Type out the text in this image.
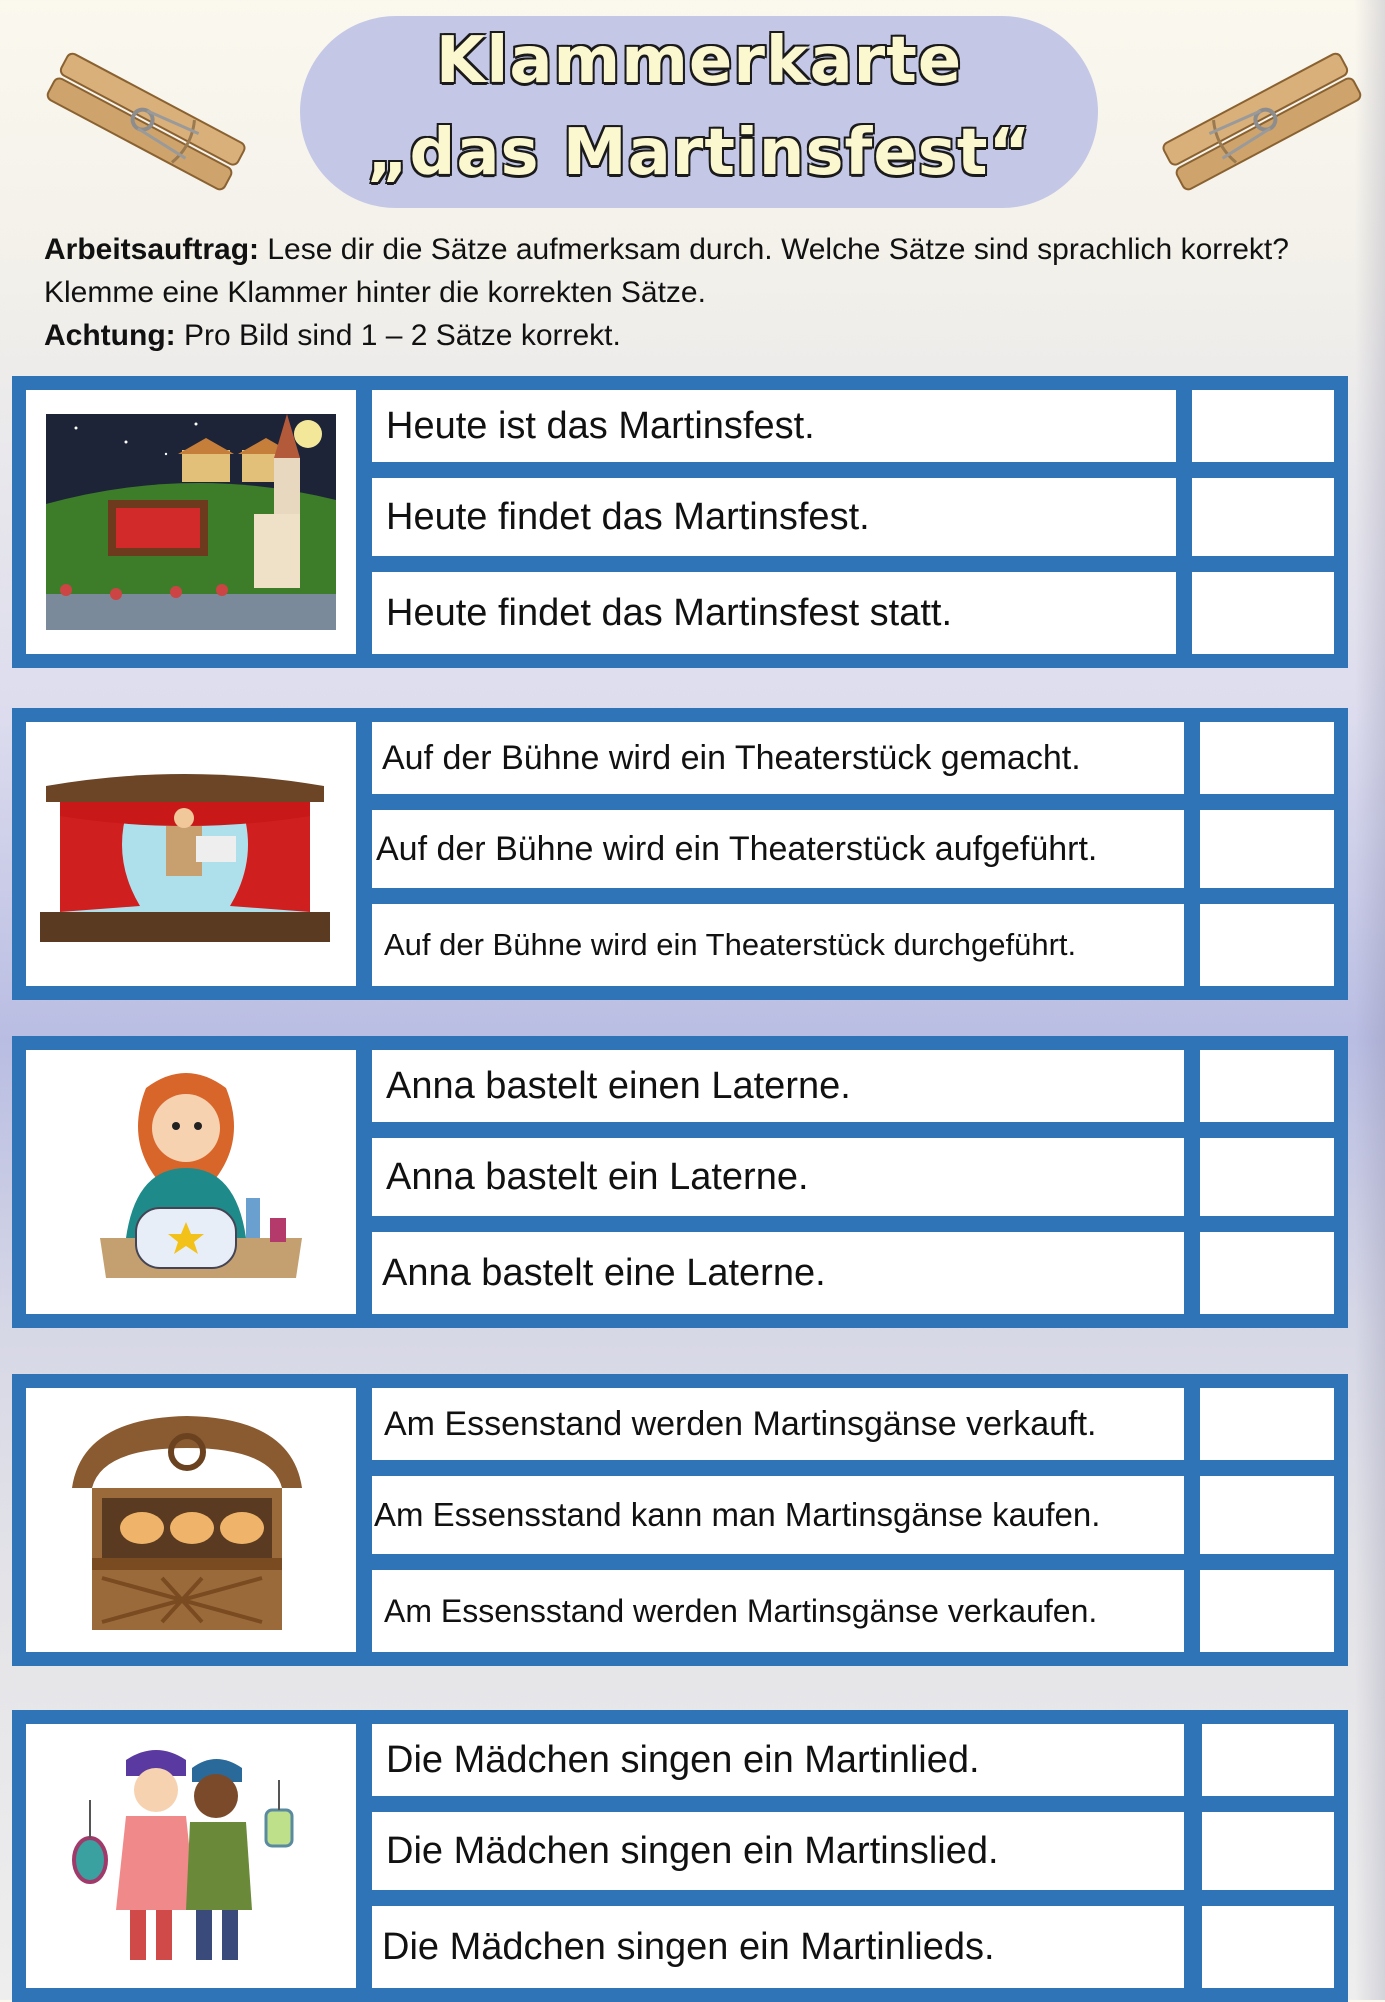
Klammerkarte
„das Martinsfest“
Arbeitsauftrag: Lese dir die Sätze aufmerksam durch. Welche Sätze sind sprachlich korrekt? Klemme eine Klammer hinter die korrekten Sätze.
Achtung: Pro Bild sind 1 – 2 Sätze korrekt.
Heute ist das Martinsfest.
Heute findet das Martinsfest.
Heute findet das Martinsfest statt.
Auf der Bühne wird ein Theaterstück gemacht.
Auf der Bühne wird ein Theaterstück aufgeführt.
Auf der Bühne wird ein Theaterstück durchgeführt.
Anna bastelt einen Laterne.
Anna bastelt ein Laterne.
Anna bastelt eine Laterne.
Am Essenstand werden Martinsgänse verkauft.
Am Essensstand kann man Martinsgänse kaufen.
Am Essensstand werden Martinsgänse verkaufen.
Die Mädchen singen ein Martinlied.
Die Mädchen singen ein Martinslied.
Die Mädchen singen ein Martinlieds.
